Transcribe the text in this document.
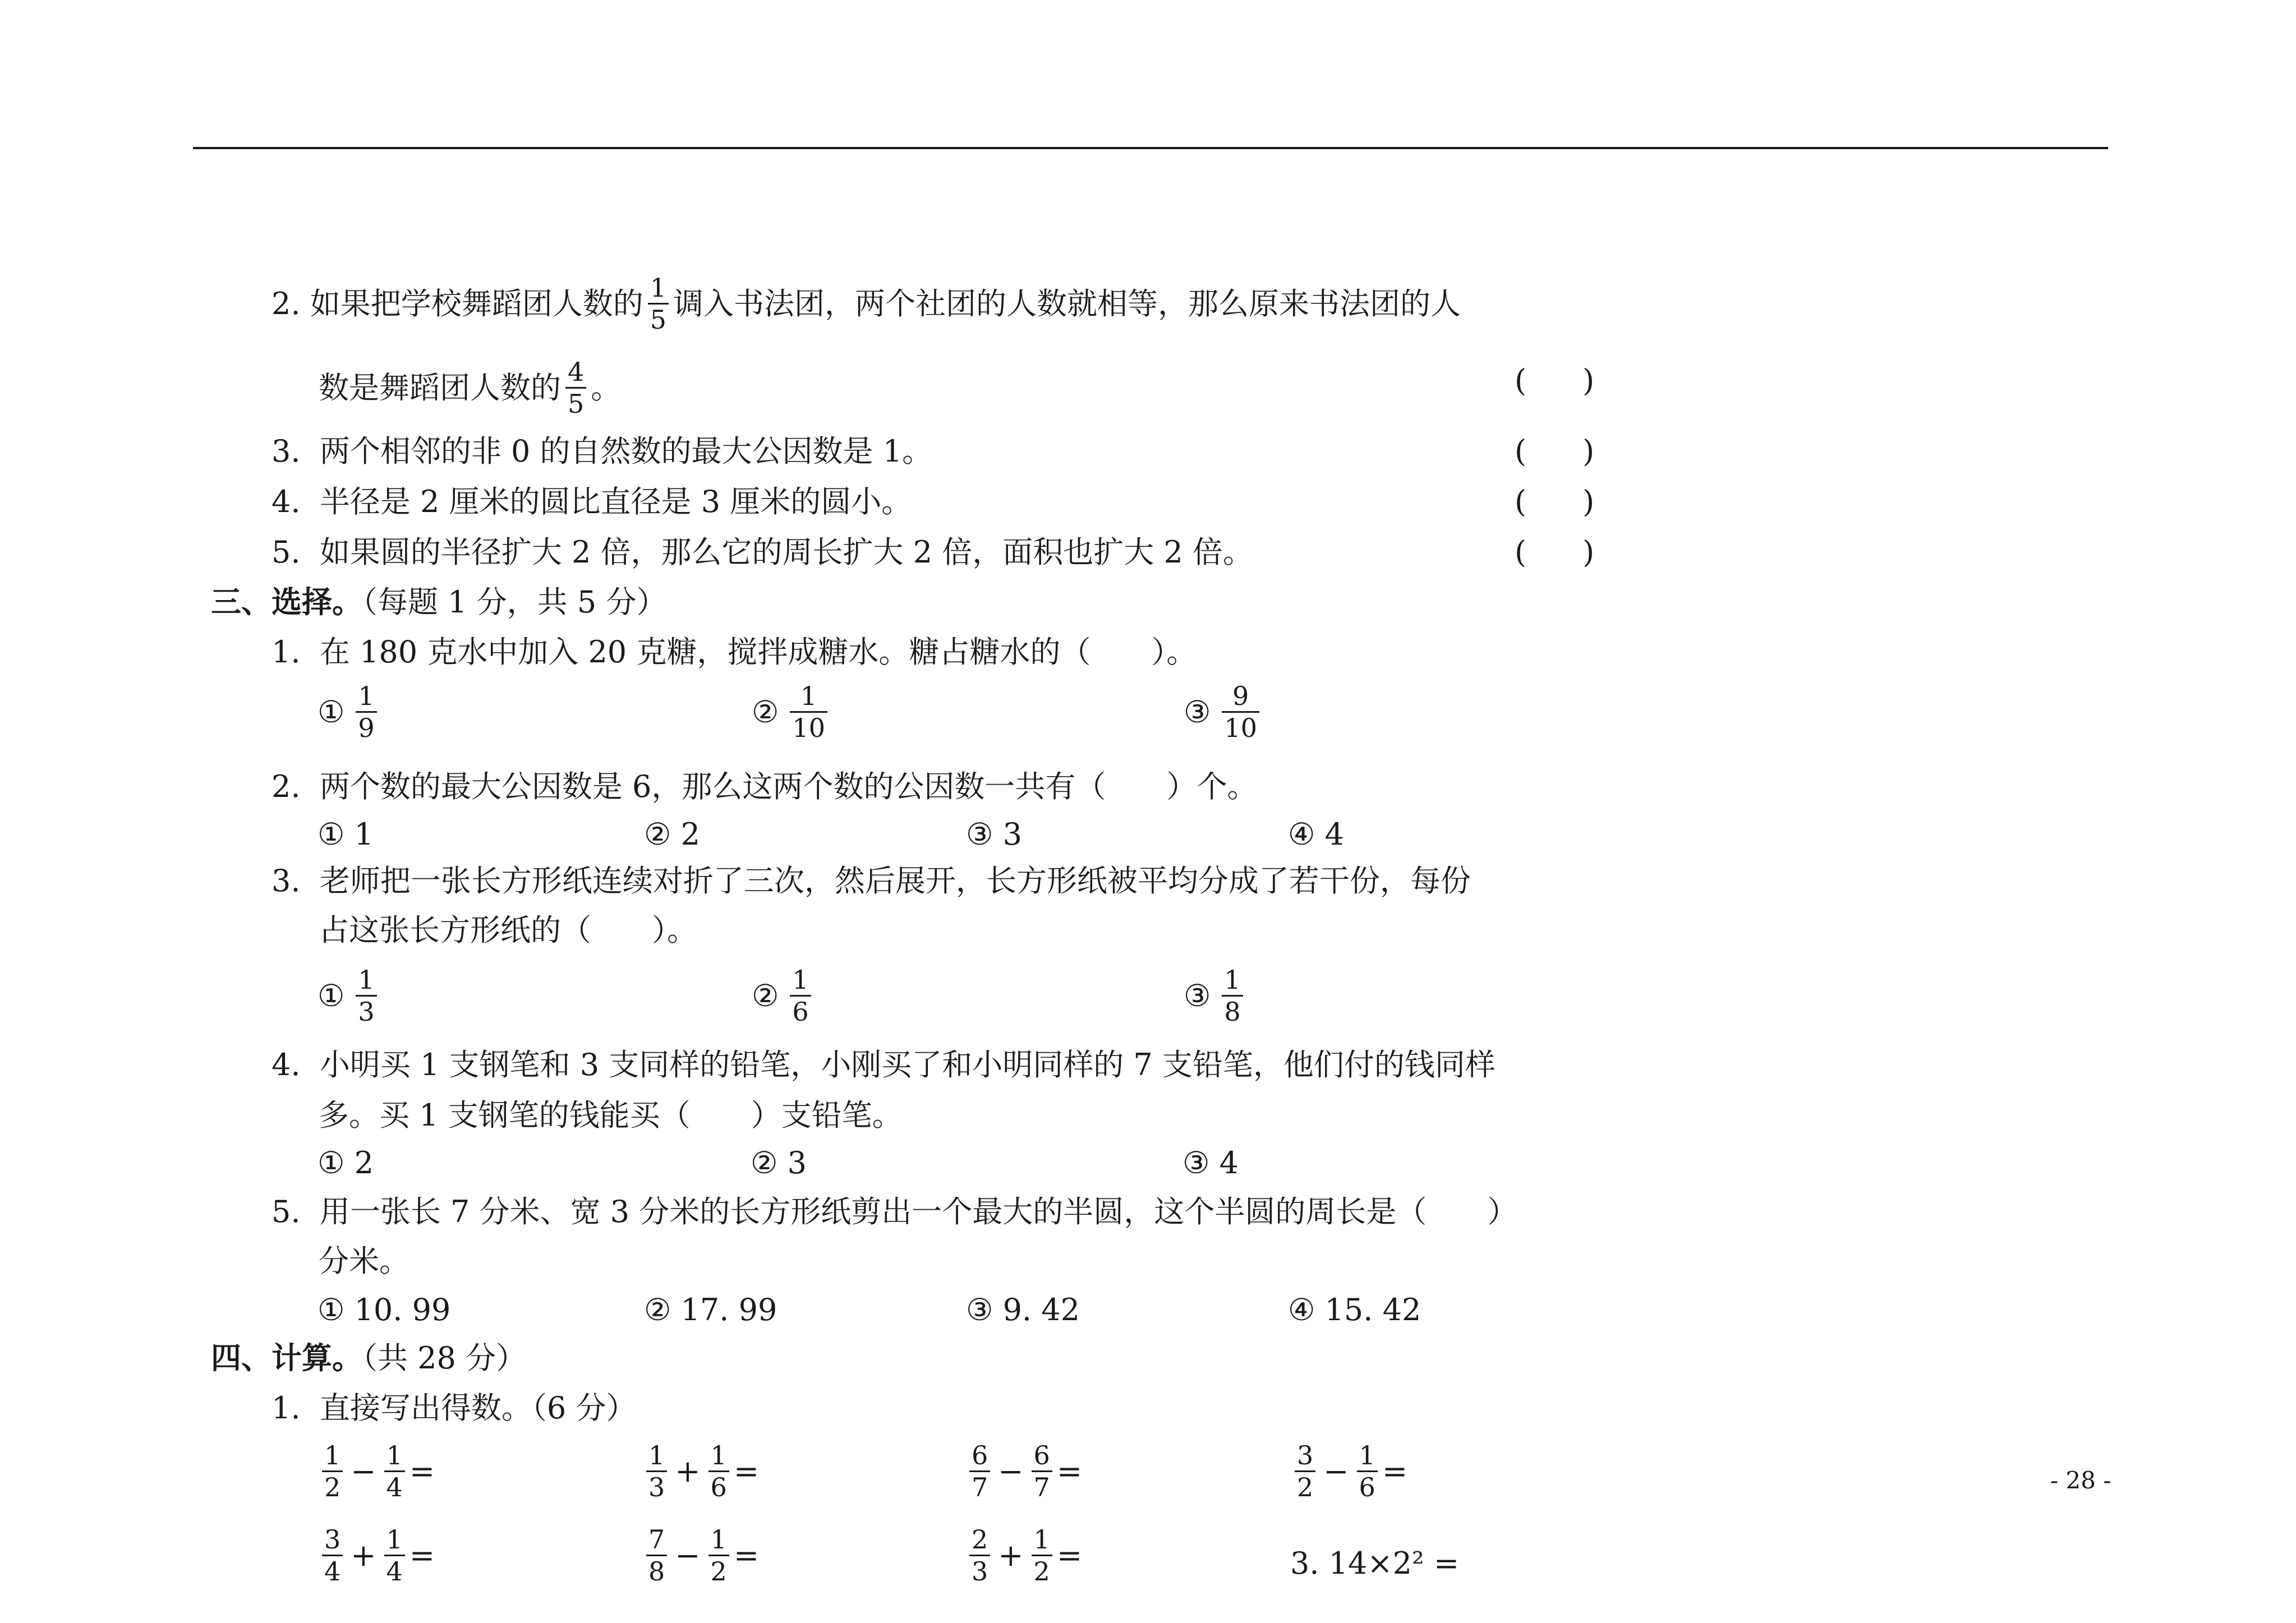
2.
如果把学校舞蹈团人数的 $\frac{1}{5}$ 调入书法团，两个社团的人数就相等，那么原来书法团的人
数是舞蹈团人数的 $\frac{4}{5}$ 。	( )
3. 两个相邻的非 0 的自然数的最大公因数是 1。	( )
4. 半径是 2 厘米的圆比直径是 3 厘米的圆小。	( )
5. 如果圆的半径扩大 2 倍，那么它的周长扩大 2 倍，面积也扩大 2 倍。	( )
三、选择。（每题 1 分，共 5 分）
1. 在 180 克水中加入 20 克糖，搅拌成糖水。糖占糖水的（　　）。
① $\frac{1}{9}$	② $\frac{1}{10}$	③ $\frac{9}{10}$
2. 两个数的最大公因数是 6，那么这两个数的公因数一共有（　　）个。
① 1	② 2	③ 3	④ 4
3. 老师把一张长方形纸连续对折了三次，然后展开，长方形纸被平均分成了若干份，每份
占这张长方形纸的（　　）。
① $\frac{1}{3}$	② $\frac{1}{6}$	③ $\frac{1}{8}$
4. 小明买 1 支钢笔和 3 支同样的铅笔，小刚买了和小明同样的 7 支铅笔，他们付的钱同样
多。买 1 支钢笔的钱能买（　　）支铅笔。
① 2	② 3	③ 4
5. 用一张长 7 分米、宽 3 分米的长方形纸剪出一个最大的半圆，这个半圆的周长是（　　）
分米。
① 10. 99	② 17. 99	③ 9. 42	④ 15. 42
四、计算。（共 28 分）
1. 直接写出得数。（6 分）
$\frac{1}{2} - \frac{1}{4}$ =	$\frac{1}{3} + \frac{1}{6}$ =	$\frac{6}{7} - \frac{6}{7}$ =	$\frac{3}{2} - \frac{1}{6}$ =
$\frac{3}{4} + \frac{1}{4}$ =	$\frac{7}{8} - \frac{1}{2}$ =	$\frac{2}{3} + \frac{1}{2}$ =	3. 14×2² =
- 28 -
